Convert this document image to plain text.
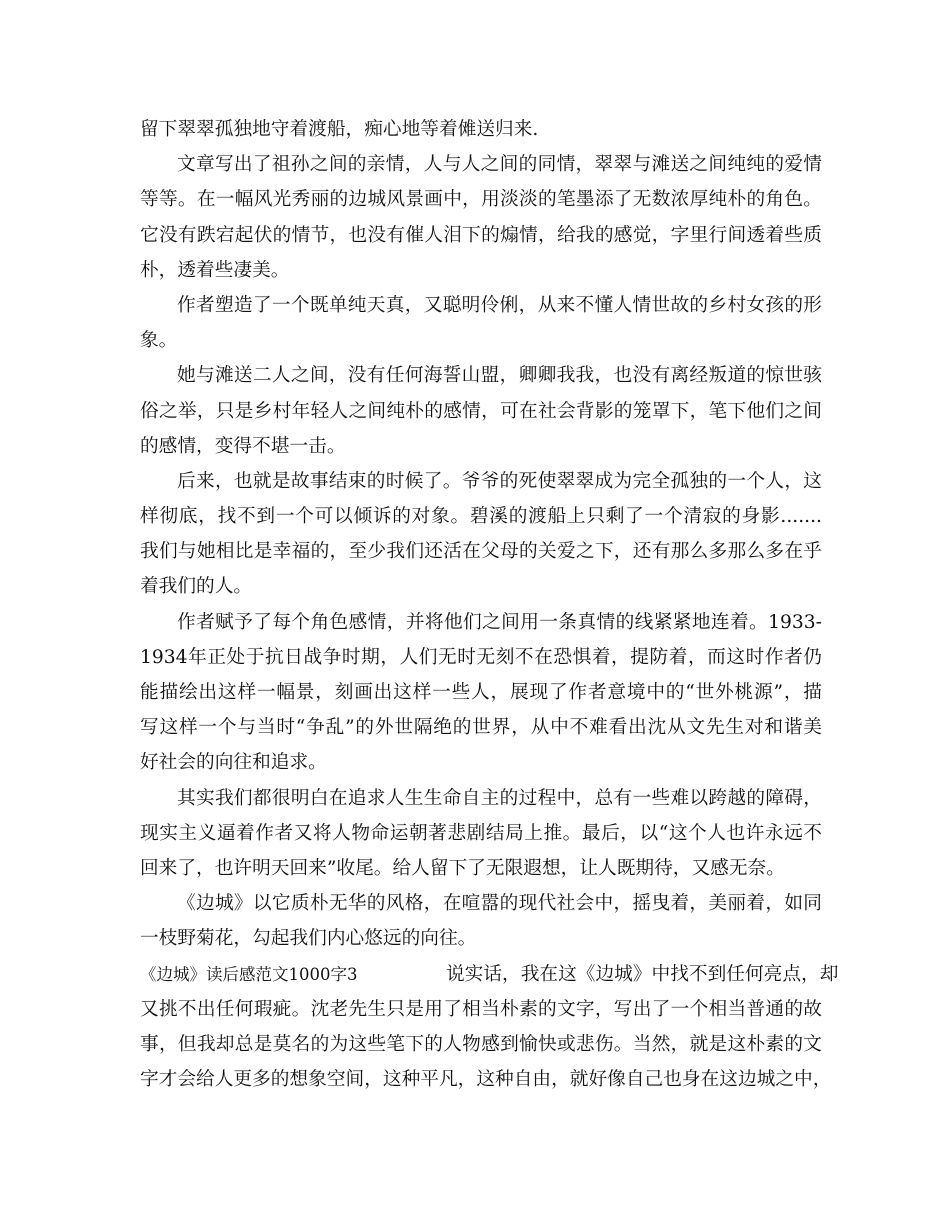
留下翠翠孤独地守着渡船，痴心地等着傩送归来.
文章写出了祖孙之间的亲情，人与人之间的同情，翠翠与滩送之间纯纯的爱情
等等。在一幅风光秀丽的边城风景画中，用淡淡的笔墨添了无数浓厚纯朴的角色。
它没有跌宕起伏的情节，也没有催人泪下的煽情，给我的感觉，字里行间透着些质
朴，透着些凄美。
作者塑造了一个既单纯天真，又聪明伶俐，从来不懂人情世故的乡村女孩的形
象。
她与滩送二人之间，没有任何海誓山盟，卿卿我我，也没有离经叛道的惊世骇
俗之举，只是乡村年轻人之间纯朴的感情，可在社会背影的笼罩下，笔下他们之间
的感情，变得不堪一击。
后来，也就是故事结束的时候了。爷爷的死使翠翠成为完全孤独的一个人，这
样彻底，找不到一个可以倾诉的对象。碧溪的渡船上只剩了一个清寂的身影.......
我们与她相比是幸福的，至少我们还活在父母的关爱之下，还有那么多那么多在乎
着我们的人。
作者赋予了每个角色感情，并将他们之间用一条真情的线紧紧地连着。1933-
1934年正处于抗日战争时期，人们无时无刻不在恐惧着，提防着，而这时作者仍
能描绘出这样一幅景，刻画出这样一些人，展现了作者意境中的“世外桃源”，描
写这样一个与当时“争乱”的外世隔绝的世界，从中不难看出沈从文先生对和谐美
好社会的向往和追求。
其实我们都很明白在追求人生生命自主的过程中，总有一些难以跨越的障碍，
现实主义逼着作者又将人物命运朝著悲剧结局上推。最后，以“这个人也许永远不
回来了，也许明天回来”收尾。给人留下了无限遐想，让人既期待，又感无奈。
《边城》以它质朴无华的风格，在喧嚣的现代社会中，摇曳着，美丽着，如同
一枝野菊花，勾起我们内心悠远的向往。
《边城》读后感范文1000字3	说实话，我在这《边城》中找不到任何亮点，却
又挑不出任何瑕疵。沈老先生只是用了相当朴素的文字，写出了一个相当普通的故
事，但我却总是莫名的为这些笔下的人物感到愉快或悲伤。当然，就是这朴素的文
字才会给人更多的想象空间，这种平凡，这种自由，就好像自己也身在这边城之中，
